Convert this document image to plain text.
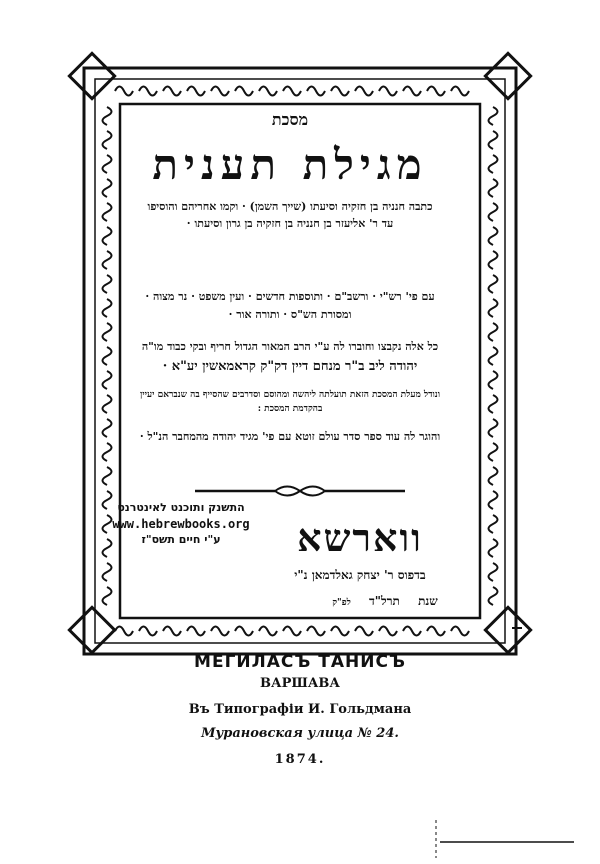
מסכת
מגילת תענית
כתבה חנניה בן חזקיה וסיעתו (שייך השמן) · וקמו אחריהם והוסיפו
עד ר' אליעזר בן חנניה בן חזקיה בן גרון וסיעתו ·
עם פי' רש"י · ורשב"ם · ותוספות חדשים · ועין משפט · נר מצוה ·
ומסורת הש"ס · ותורה אור ·
כל אלה נקבצו וחוברו לה ע"י הרב המאור הגדול חריף ובקי כבוד מו"ה
יהודה ליב ב"ר מנחם דיין דק"ק קראמאשין יע"א ·
ונודל מעלת המסכת הזאת תועלתה ליהשה ומהוסם וסדרבים שהסייף בה שנבראם יעיין
בהקדמת המסכת :
והוגר לה עוד ספר סדר עולם זוטא עם פי' מגיד יהודה מהמחבר הנ"ל ·
התשנק ותוכנט לאינטרנט
www.hebrewbooks.org
ע"י חיים תשס"ז	ווארשא
בדפוס ר' יצחק גאלדמאן נ"י
שנת תרל"ד לפ"ק
МЕГИЛАСЪ ТАНИСЪ
ВАРШАВА
Въ Типографіи И. Гольдмана
Мурановская улица № 24.
1874.
